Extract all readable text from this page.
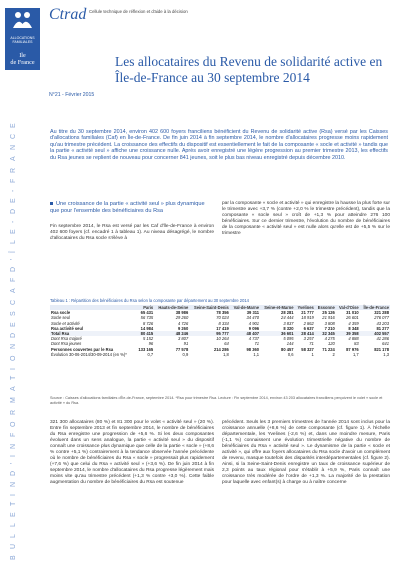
ALLOCATIONS
FAMILIALES
Ile
de France
B
U
L
L
E
T
I
N
D
'
I
N
F
O
R
M
A
T
I
O
N
D
E
S
C
A
F
D
'
Î
L
E
-
D
E
-
F
R
A
N
C
E
Ctrad Cellule technique de réflexion et d'aide à la décision
N°21 - Février 2015
Les allocataires du Revenu de solidarité active en Île-de-France au 30 septembre 2014
Au titre du 30 septembre 2014, environ 402 600 foyers franciliens bénéficient du Revenu de solidarité active (Rsa) versé par les Caisses d'allocations familiales (Caf) en Île-de-France. De fin juin 2014 à fin septembre 2014, le nombre d'allocataires progresse moins rapidement qu'au trimestre précédent. La croissance des effectifs du dispositif est essentiellement le fait de la composante « socle et activité » tandis que la partie « activité seul » affiche une croissance nulle. Après avoir enregistré une légère progression au premier trimestre 2013, les effectifs du Rsa jeunes se replient de nouveau pour concerner 841 jeunes, soit le plus bas niveau enregistré depuis décembre 2010.
Une croissance de la partie « activité seul » plus dynamique que pour l'ensemble des bénéficiaires du Rsa
Fin septembre 2014, le Rsa est versé par les Caf d'Île-de-France à environ 402 600 foyers (cf. encadré 1 à tableau 1). Au niveau désagrégé, le nombre d'allocataires du Rsa socle s'élève à
par la composante « socle et activité » qui enregistre la hausse la plus forte sur le trimestre avec +3,7 % (contre +2,0 % le trimestre précédent), tandis que la composante « socle seul » croît de +1,3 % pour atteindre 276 100 bénéficiaires. Sur ce dernier trimestre, l'évolution du nombre de bénéficiaires de la composante « activité seul » est nulle alors qu'elle est de +5,5 % sur le trimestre
Tableau 1 : Répartition des bénéficiaires du Rsa selon la composante par département au 30 septembre 2014
	Paris	Hauts-de-Seine	Seine-Saint-Denis	Val-de-Marne	Seine-et-Marne	Yvelines	Essonne	Val-d'Oise	Île-de-France
Rsa socle	65 431	38 986	78 356	39 311	28 281	21 777	25 126	31 010	321 288
Socle seul	56 735	29 260	70 024	34 470	24 444	18 919	21 916	26 601	276 077
Socle et activité	8 726	4 726	8 334	4 901	3 837	2 862	3 808	4 359	43 203
Rsa activité seul	14 984	9 260	17 419	9 096	8 320	6 637	7 210	8 348	81 277
Total Rsa	80 415	48 246	95 777	48 407	36 601	28 414	32 345	39 358	402 557
Dont Rsa majoré	5 152	3 807	10 264	4 737	5 095	3 257	4 275	4 888	41 286
Dont Rsa jeunes	96	91	64	71	144	71	120	83	641
Personnes couvertes par le Rsa	133 165	77 578	214 286	98 360	80 457	58 327	71 224	87 976	821 178
Évolution 30-06-2014/30-09-2014 (en %)*	0,7	0,9	1,8	1,1	0,6	1	2	1,7	1,3
Source : Caisses d'allocations familiales d'Île-de-France, septembre 2014. *Rsa pour trimestre Rsa. Lecture : Fin septembre 2014, environ 43 203 allocataires franciliens perçoivent le volet « socle et activité » du Rsa.
321 300 allocataires (80 %) et 81 300 pour le volet « activité seul » (20 %). Entre fin septembre 2013 et fin septembre 2014, le nombre de bénéficiaires du Rsa enregistre une progression de +5,6 %. Si les deux composantes évoluent dans un sens analogue, la partie « activité seul » du dispositif connaît une croissance plus dynamique que celle de la partie « socle » (+8,6 % contre +5,1 %) contrairement à la tendance observée l'année précédente où le nombre de bénéficiaires du Rsa « socle » progressait plus rapidement (+7,6 %) que celui du Rsa « activité seul » (+3,6 %). De fin juin 2014 à fin septembre 2014, le nombre d'allocataires du Rsa progresse légèrement mais moins vite qu'au trimestre précédent (+1,3 % contre +3,0 %). Cette faible augmentation du nombre de bénéficiaires du Rsa est soutenue
précédent. Seuls les 3 premiers trimestres de l'année 2014 sont inclus pour la croissance annuelle (+8,6 %) de cette composante (cf. figure 1). À l'échelle départementale, les Yvelines (-2,6 %) et, dans une moindre mesure, Paris (-1,1 %) connaissent une évolution trimestrielle négative du nombre de bénéficiaires du Rsa « activité seul ». Le dynamisme de la partie « socle et activité », qui offre aux foyers allocataires du Rsa socle d'avoir un complément de revenu, masque toutefois des disparités interdépartementales (cf. figure 2). Ainsi, si la Seine-Saint-Denis enregistre un taux de croissance supérieur de 2,3 points au taux régional pour s'établir à +5,9 %, Paris connaît une croissance très modérée de l'ordre de +1,3 %. La majorité de la prestation pour laquelle avec enfant(s) à charge ou à naître concerne
